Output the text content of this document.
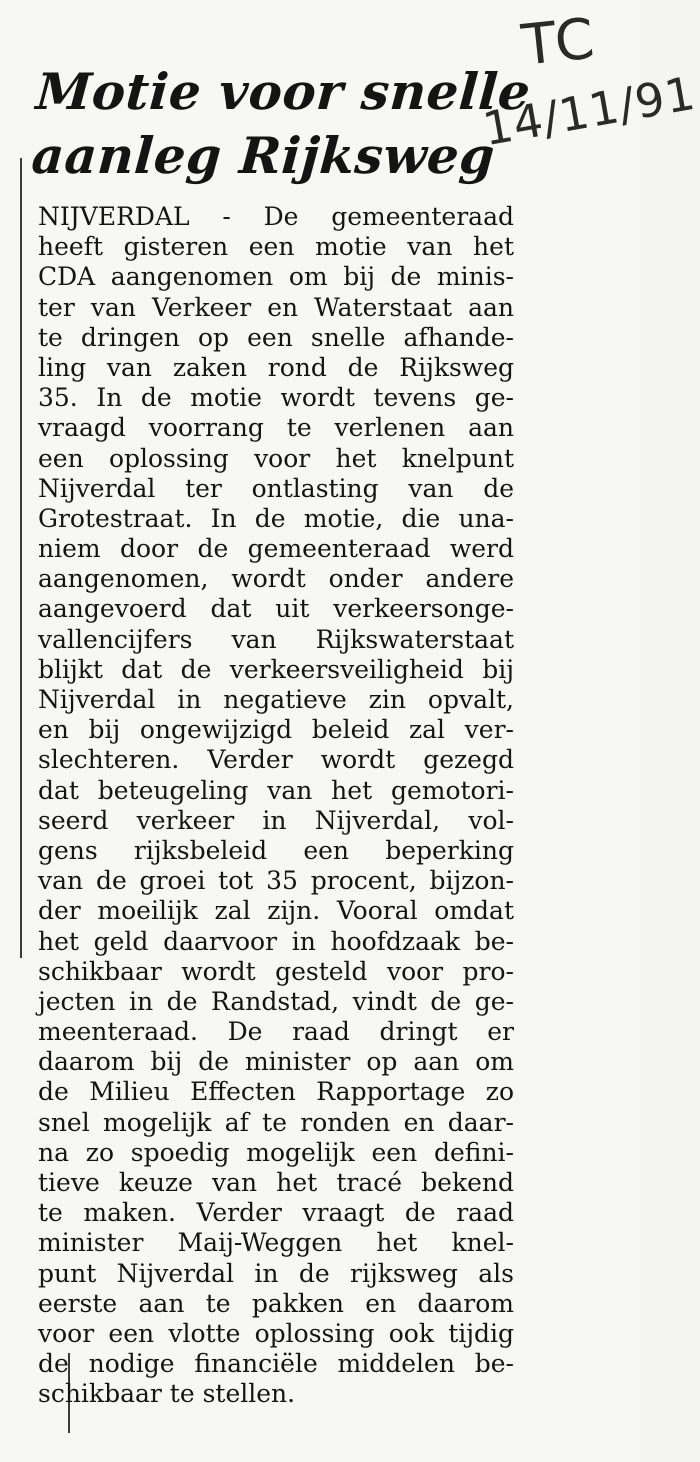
TC
14/11/91
Motie voor snelle
aanleg Rijksweg
NIJVERDAL - De gemeenteraad
heeft gisteren een motie van het
CDA aangenomen om bij de minis-
ter van Verkeer en Waterstaat aan
te dringen op een snelle afhande-
ling van zaken rond de Rijksweg
35. In de motie wordt tevens ge-
vraagd voorrang te verlenen aan
een oplossing voor het knelpunt
Nijverdal ter ontlasting van de
Grotestraat. In de motie, die una-
niem door de gemeenteraad werd
aangenomen, wordt onder andere
aangevoerd dat uit verkeersonge-
vallencijfers van Rijkswaterstaat
blijkt dat de verkeersveiligheid bij
Nijverdal in negatieve zin opvalt,
en bij ongewijzigd beleid zal ver-
slechteren. Verder wordt gezegd
dat beteugeling van het gemotori-
seerd verkeer in Nijverdal, vol-
gens rijksbeleid een beperking
van de groei tot 35 procent, bijzon-
der moeilijk zal zijn. Vooral omdat
het geld daarvoor in hoofdzaak be-
schikbaar wordt gesteld voor pro-
jecten in de Randstad, vindt de ge-
meenteraad. De raad dringt er
daarom bij de minister op aan om
de Milieu Effecten Rapportage zo
snel mogelijk af te ronden en daar-
na zo spoedig mogelijk een defini-
tieve keuze van het tracé bekend
te maken. Verder vraagt de raad
minister Maij-Weggen het knel-
punt Nijverdal in de rijksweg als
eerste aan te pakken en daarom
voor een vlotte oplossing ook tijdig
de nodige financiële middelen be-
schikbaar te stellen.
